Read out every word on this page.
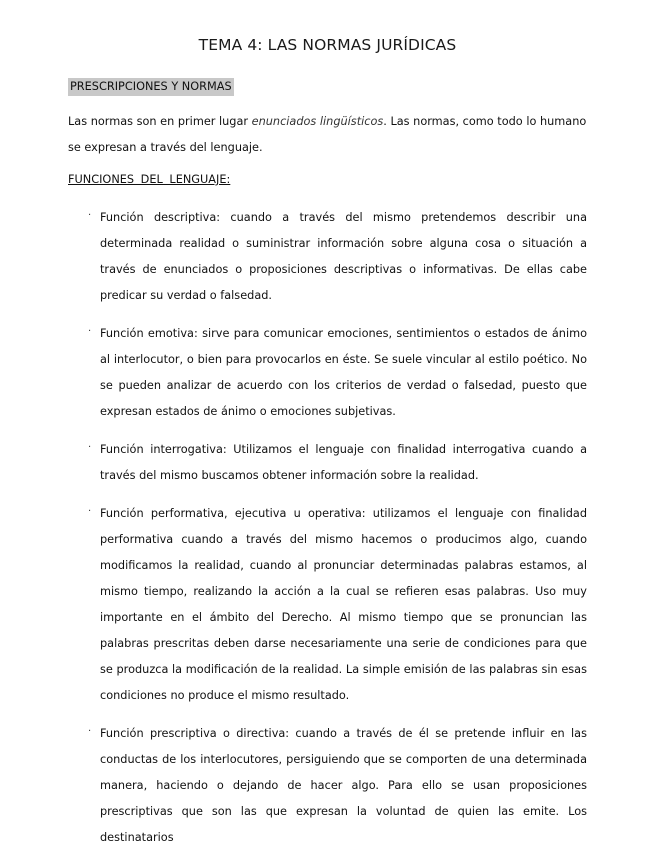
TEMA 4: LAS NORMAS JURÍDICAS
PRESCRIPCIONES Y NORMAS

Las normas son en primer lugar enunciados lingüísticos. Las normas, como todo lo humano se expresan a través del lenguaje.

FUNCIONES DEL LENGUAJE:
· Función descriptiva: cuando a través del mismo pretendemos describir una determinada realidad o suministrar información sobre alguna cosa o situación a través de enunciados o proposiciones descriptivas o informativas. De ellas cabe predicar su verdad o falsedad.
· Función emotiva: sirve para comunicar emociones, sentimientos o estados de ánimo al interlocutor, o bien para provocarlos en éste. Se suele vincular al estilo poético. No se pueden analizar de acuerdo con los criterios de verdad o falsedad, puesto que expresan estados de ánimo o emociones subjetivas.
· Función interrogativa: Utilizamos el lenguaje con finalidad interrogativa cuando a través del mismo buscamos obtener información sobre la realidad.
· Función performativa, ejecutiva u operativa: utilizamos el lenguaje con finalidad performativa cuando a través del mismo hacemos o producimos algo, cuando modificamos la realidad, cuando al pronunciar determinadas palabras estamos, al mismo tiempo, realizando la acción a la cual se refieren esas palabras. Uso muy importante en el ámbito del Derecho. Al mismo tiempo que se pronuncian las palabras prescritas deben darse necesariamente una serie de condiciones para que se produzca la modificación de la realidad. La simple emisión de las palabras sin esas condiciones no produce el mismo resultado.
· Función prescriptiva o directiva: cuando a través de él se pretende influir en las conductas de los interlocutores, persiguiendo que se comporten de una determinada manera, haciendo o dejando de hacer algo. Para ello se usan proposiciones prescriptivas que son las que expresan la voluntad de quien las emite. Los destinatarios
